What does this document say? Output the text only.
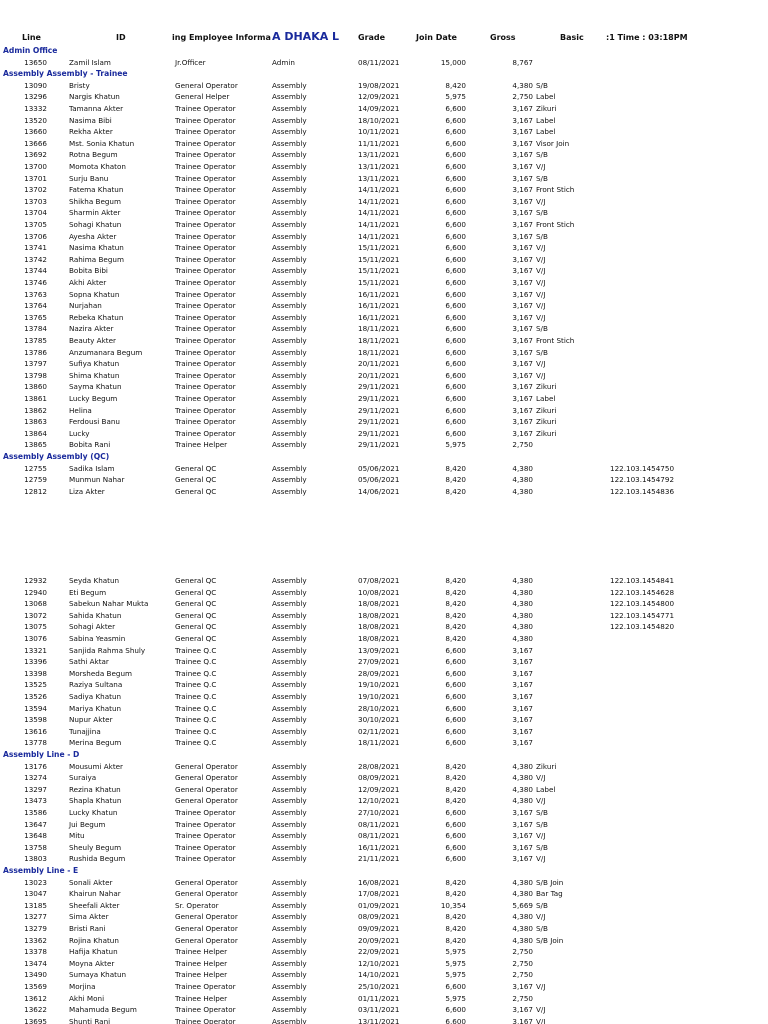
Line	ID	ing Employee Informa A DHAKA L Grade	Join Date	Gross	Basic	:1 Time : 03:18PM
Admin Office
13650	Zamil Islam	Jr.Officer	Admin	08/11/2021	15,000	8,767
Assembly Assembly - Trainee
13090	Bristy	General Operator	Assembly	19/08/2021	8,420	4,380 S/B
13296	Nargis Khatun	General Helper	Assembly	12/09/2021	5,975	2,750 Label
13332	Tamanna Akter	Trainee Operator	Assembly	14/09/2021	6,600	3,167 Zikuri
13520	Nasima Bibi	Trainee Operator	Assembly	18/10/2021	6,600	3,167 Label
13660	Rekha Akter	Trainee Operator	Assembly	10/11/2021	6,600	3,167 Label
13666	Mst. Sonia Khatun	Trainee Operator	Assembly	11/11/2021	6,600	3,167 Visor Join
13692	Rotna Begum	Trainee Operator	Assembly	13/11/2021	6,600	3,167 S/B
13700	Momota Khaton	Trainee Operator	Assembly	13/11/2021	6,600	3,167 V/J
13701	Surju Banu	Trainee Operator	Assembly	13/11/2021	6,600	3,167 S/B
13702	Fatema Khatun	Trainee Operator	Assembly	14/11/2021	6,600	3,167 Front Stich
13703	Shikha Begum	Trainee Operator	Assembly	14/11/2021	6,600	3,167 V/J
13704	Sharmin Akter	Trainee Operator	Assembly	14/11/2021	6,600	3,167 S/B
13705	Sohagi Khatun	Trainee Operator	Assembly	14/11/2021	6,600	3,167 Front Stich
13706	Ayesha Akter	Trainee Operator	Assembly	14/11/2021	6,600	3,167 S/B
13741	Nasima Khatun	Trainee Operator	Assembly	15/11/2021	6,600	3,167 V/J
13742	Rahima Begum	Trainee Operator	Assembly	15/11/2021	6,600	3,167 V/J
13744	Bobita Bibi	Trainee Operator	Assembly	15/11/2021	6,600	3,167 V/J
13746	Akhi Akter	Trainee Operator	Assembly	15/11/2021	6,600	3,167 V/J
13763	Sopna Khatun	Trainee Operator	Assembly	16/11/2021	6,600	3,167 V/J
13764	Nurjahan	Trainee Operator	Assembly	16/11/2021	6,600	3,167 V/J
13765	Rebeka Khatun	Trainee Operator	Assembly	16/11/2021	6,600	3,167 V/J
13784	Nazira Akter	Trainee Operator	Assembly	18/11/2021	6,600	3,167 S/B
13785	Beauty Akter	Trainee Operator	Assembly	18/11/2021	6,600	3,167 Front Stich
13786	Anzumanara Begum	Trainee Operator	Assembly	18/11/2021	6,600	3,167 S/B
13797	Sufiya Khatun	Trainee Operator	Assembly	20/11/2021	6,600	3,167 V/J
13798	Shima Khatun	Trainee Operator	Assembly	20/11/2021	6,600	3,167 V/J
13860	Sayma Khatun	Trainee Operator	Assembly	29/11/2021	6,600	3,167 Zikuri
13861	Lucky Begum	Trainee Operator	Assembly	29/11/2021	6,600	3,167 Label
13862	Helina	Trainee Operator	Assembly	29/11/2021	6,600	3,167 Zikuri
13863	Ferdousi Banu	Trainee Operator	Assembly	29/11/2021	6,600	3,167 Zikuri
13864	Lucky	Trainee Operator	Assembly	29/11/2021	6,600	3,167 Zikuri
13865	Bobita Rani	Trainee Helper	Assembly	29/11/2021	5,975	2,750
Assembly Assembly (QC)
12755	Sadika Islam	General QC	Assembly	05/06/2021	8,420	4,380	122.103.1454750
12759	Munmun Nahar	General QC	Assembly	05/06/2021	8,420	4,380	122.103.1454792
12812	Liza Akter	General QC	Assembly	14/06/2021	8,420	4,380	122.103.1454836
12932	Seyda Khatun	General QC	Assembly	07/08/2021	8,420	4,380	122.103.1454841
12940	Eti Begum	General QC	Assembly	10/08/2021	8,420	4,380	122.103.1454628
13068	Sabekun Nahar Mukta	General QC	Assembly	18/08/2021	8,420	4,380	122.103.1454800
13072	Sahida Khatun	General QC	Assembly	18/08/2021	8,420	4,380	122.103.1454771
13075	Sohagi Akter	General QC	Assembly	18/08/2021	8,420	4,380	122.103.1454820
13076	Sabina Yeasmin	General QC	Assembly	18/08/2021	8,420	4,380
13321	Sanjida Rahma Shuly	Trainee Q.C	Assembly	13/09/2021	6,600	3,167
13396	Sathi Aktar	Trainee Q.C	Assembly	27/09/2021	6,600	3,167
13398	Morsheda Begum	Trainee Q.C	Assembly	28/09/2021	6,600	3,167
13525	Raziya Sultana	Trainee Q.C	Assembly	19/10/2021	6,600	3,167
13526	Sadiya Khatun	Trainee Q.C	Assembly	19/10/2021	6,600	3,167
13594	Mariya Khatun	Trainee Q.C	Assembly	28/10/2021	6,600	3,167
13598	Nupur Akter	Trainee Q.C	Assembly	30/10/2021	6,600	3,167
13616	Tunajjina	Trainee Q.C	Assembly	02/11/2021	6,600	3,167
13778	Merina Begum	Trainee Q.C	Assembly	18/11/2021	6,600	3,167
Assembly Line - D
13176	Mousumi Akter	General Operator	Assembly	28/08/2021	8,420	4,380 Zikuri
13274	Suraiya	General Operator	Assembly	08/09/2021	8,420	4,380 V/J
13297	Rezina Khatun	General Operator	Assembly	12/09/2021	8,420	4,380 Label
13473	Shapla Khatun	General Operator	Assembly	12/10/2021	8,420	4,380 V/J
13586	Lucky Khatun	Trainee Operator	Assembly	27/10/2021	6,600	3,167 S/B
13647	Jui Begum	Trainee Operator	Assembly	08/11/2021	6,600	3,167 S/B
13648	Mitu	Trainee Operator	Assembly	08/11/2021	6,600	3,167 V/J
13758	Sheuly Begum	Trainee Operator	Assembly	16/11/2021	6,600	3,167 S/B
13803	Rushida Begum	Trainee Operator	Assembly	21/11/2021	6,600	3,167 V/J
Assembly Line - E
13023	Sonali Akter	General Operator	Assembly	16/08/2021	8,420	4,380 S/B Join
13047	Khairun Nahar	General Operator	Assembly	17/08/2021	8,420	4,380 Bar Tag
13185	Sheefali Akter	Sr. Operator	Assembly	01/09/2021	10,354	5,669 S/B
13277	Sima Akter	General Operator	Assembly	08/09/2021	8,420	4,380 V/J
13279	Bristi Rani	General Operator	Assembly	09/09/2021	8,420	4,380 S/B
13362	Rojina Khatun	General Operator	Assembly	20/09/2021	8,420	4,380 S/B Join
13378	Hafija Khatun	Trainee Helper	Assembly	22/09/2021	5,975	2,750
13474	Moyna Akter	Trainee Helper	Assembly	12/10/2021	5,975	2,750
13490	Sumaya Khatun	Trainee Helper	Assembly	14/10/2021	5,975	2,750
13569	Morjina	Trainee Operator	Assembly	25/10/2021	6,600	3,167 V/J
13612	Akhi Moni	Trainee Helper	Assembly	01/11/2021	5,975	2,750
13622	Mahamuda Begum	Trainee Operator	Assembly	03/11/2021	6,600	3,167 V/J
13695	Shunti Rani	Trainee Operator	Assembly	13/11/2021	6,600	3,167 V/J
